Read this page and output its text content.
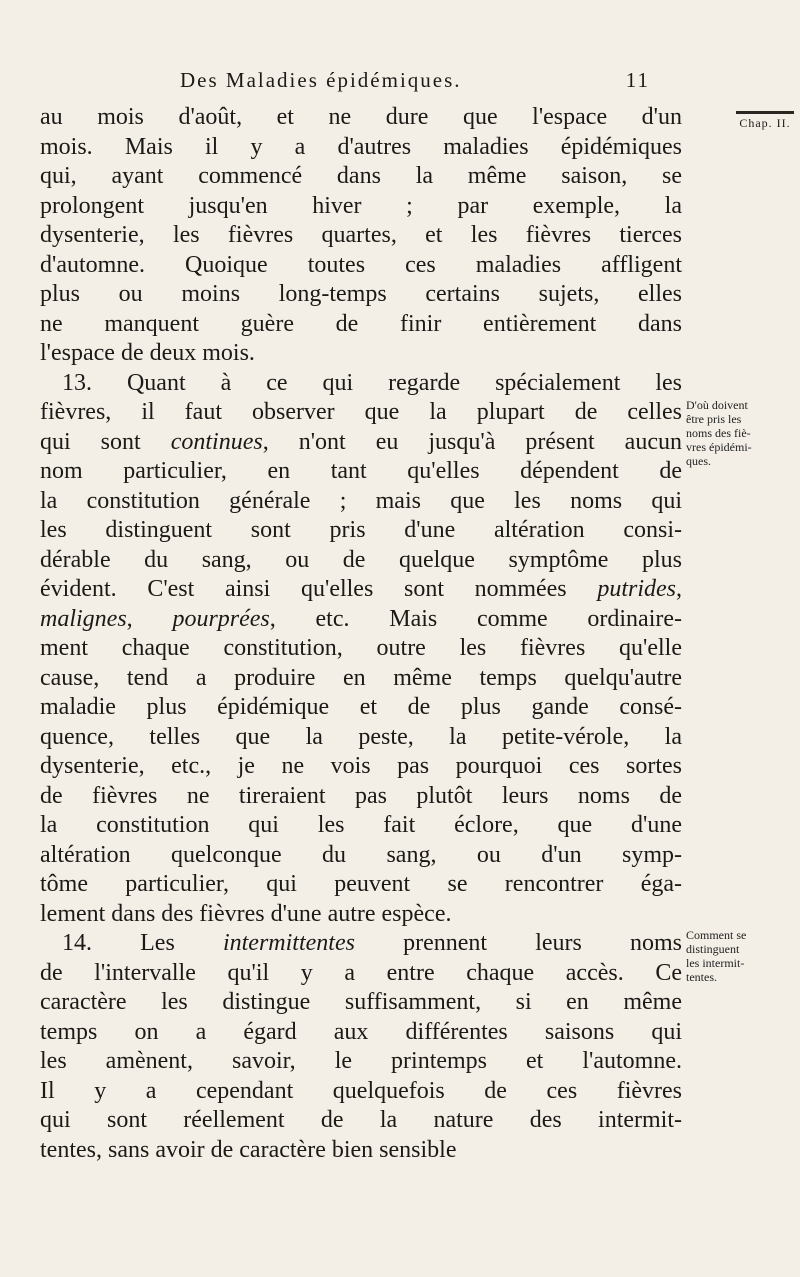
Des Maladies épidémiques.	11
Chap. II.
au mois d'août, et ne dure que l'espace d'un
mois. Mais il y a d'autres maladies épidémiques
qui, ayant commencé dans la même saison, se
prolongent jusqu'en hiver ; par exemple, la
dysenterie, les fièvres quartes, et les fièvres tierces
d'automne. Quoique toutes ces maladies affligent
plus ou moins long-temps certains sujets, elles
ne manquent guère de finir entièrement dans
l'espace de deux mois.
13. Quant à ce qui regarde spécialement les
fièvres, il faut observer que la plupart de celles
qui sont continues, n'ont eu jusqu'à présent aucun
nom particulier, en tant qu'elles dépendent de
la constitution générale ; mais que les noms qui
les distinguent sont pris d'une altération consi-
dérable du sang, ou de quelque symptôme plus
évident. C'est ainsi qu'elles sont nommées putrides,
malignes, pourprées, etc. Mais comme ordinaire-
ment chaque constitution, outre les fièvres qu'elle
cause, tend a produire en même temps quelqu'autre
maladie plus épidémique et de plus gande consé-
quence, telles que la peste, la petite-vérole, la
dysenterie, etc., je ne vois pas pourquoi ces sortes
de fièvres ne tireraient pas plutôt leurs noms de
la constitution qui les fait éclore, que d'une
altération quelconque du sang, ou d'un symp-
tôme particulier, qui peuvent se rencontrer éga-
lement dans des fièvres d'une autre espèce.
14. Les intermittentes prennent leurs noms
de l'intervalle qu'il y a entre chaque accès. Ce
caractère les distingue suffisamment, si en même
temps on a égard aux différentes saisons qui
les amènent, savoir, le printemps et l'automne.
Il y a cependant quelquefois de ces fièvres
qui sont réellement de la nature des intermit-
tentes, sans avoir de caractère bien sensible
D'où doivent
être pris les
noms des fiè-
vres épidémi-
ques.
Comment se
distinguent
les intermit-
tentes.
